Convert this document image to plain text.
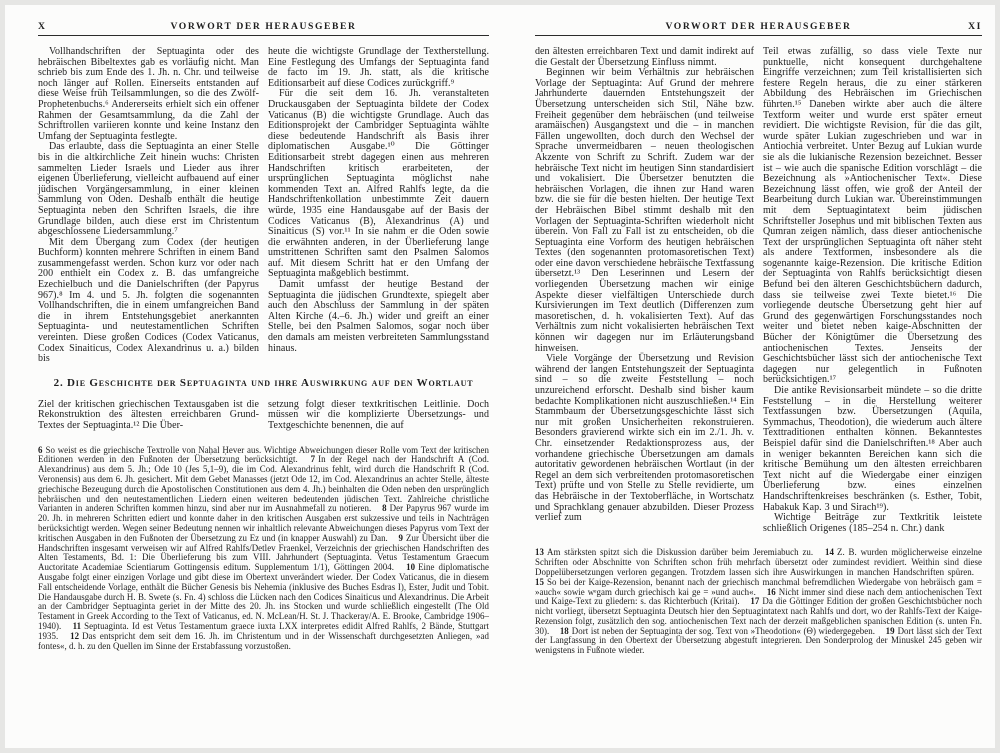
X	VORWORT DER HERAUSGEBER

Vollhandschriften der Septuaginta oder des hebräischen Bibeltextes gab es vorläufig nicht. Man schrieb bis zum Ende des 1. Jh. n. Chr. und teilweise noch länger auf Rollen. Einerseits entstanden auf diese Weise früh Teilsammlungen, so die des Zwölf-Prophetenbuchs.⁶ Andererseits erhielt sich ein offener Rahmen der Gesamtsammlung, da die Zahl der Schriftrollen variieren konnte und keine Instanz den Umfang der Septuaginta festlegte.

Das erlaubte, dass die Septuaginta an einer Stelle bis in die altkirchliche Zeit hinein wuchs: Christen sammelten Lieder Israels und Lieder aus ihrer eigenen Überlieferung, vielleicht aufbauend auf einer jüdischen Vorgängersammlung, in einer kleinen Sammlung von Oden. Deshalb enthält die heutige Septuaginta neben den Schriften Israels, die ihre Grundlage bilden, auch diese erst im Christentum abgeschlossene Liedersammlung.⁷

Mit dem Übergang zum Codex (der heutigen Buchform) konnten mehrere Schriften in einem Band zusammengefasst werden. Schon kurz vor oder nach 200 enthielt ein Codex z. B. das umfangreiche Ezechielbuch und die Danielschriften (der Papyrus 967).⁸ Im 4. und 5. Jh. folgten die sogenannten Vollhandschriften, die in einem umfangreichen Band die in ihrem Entstehungsgebiet anerkannten Septuaginta- und neutestamentlichen Schriften vereinten. Diese großen Codices (Codex Vaticanus, Codex Sinaiticus, Codex Alexandrinus u. a.) bilden bis

heute die wichtigste Grundlage der Textherstellung. Eine Festlegung des Umfangs der Septuaginta fand de facto im 19. Jh. statt, als die kritische Editionsarbeit auf diese Codices zurückgriff.⁹

Für die seit dem 16. Jh. veranstalteten Druckausgaben der Septuaginta bildete der Codex Vaticanus (B) die wichtigste Grundlage. Auch das Editionsprojekt der Cambridger Septuaginta wählte diese bedeutende Handschrift als Basis ihrer diplomatischen Ausgabe.¹⁰ Die Göttinger Editionsarbeit strebt dagegen einen aus mehreren Handschriften kritisch erarbeiteten, der ursprünglichen Septuaginta möglichst nahe kommenden Text an. Alfred Rahlfs legte, da die Handschriftenkollation unbestimmte Zeit dauern würde, 1935 eine Handausgabe auf der Basis der Codices Vaticanus (B), Alexandrinus (A) und Sinaiticus (S) vor.¹¹ In sie nahm er die Oden sowie die erwähnten anderen, in der Überlieferung lange umstrittenen Schriften samt den Psalmen Salomos auf. Mit diesem Schritt hat er den Umfang der Septuaginta maßgeblich bestimmt.

Damit umfasst der heutige Bestand der Septuaginta die jüdischen Grundtexte, spiegelt aber auch den Abschluss der Sammlung in der späten Alten Kirche (4.–6. Jh.) wider und greift an einer Stelle, bei den Psalmen Salomos, sogar noch über den damals am meisten verbreiteten Sammlungsstand hinaus.

2. Die Geschichte der Septuaginta und ihre Auswirkung auf den Wortlaut

Ziel der kritischen griechischen Textausgaben ist die Rekonstruktion des ältesten erreichbaren Grund-Textes der Septuaginta.¹² Die Über-

setzung folgt dieser textkritischen Leitlinie. Doch müssen wir die komplizierte Übersetzungs- und Textgeschichte benennen, die auf

6 So weist es die griechische Textrolle von Naḥal Ḥever aus. Wichtige Abweichungen dieser Rolle vom Text der kritischen Editionen werden in den Fußnoten der Übersetzung berücksichtigt. 7 In der Regel nach der Handschrift A (Cod. Alexandrinus) aus dem 5. Jh.; Ode 10 (Jes 5,1–9), die im Cod. Alexandrinus fehlt, wird durch die Handschrift R (Cod. Veronensis) aus dem 6. Jh. gesichert. Mit dem Gebet Manasses (jetzt Ode 12, im Cod. Alexandrinus an achter Stelle, älteste griechische Bezeugung durch die Apostolischen Constitutionen aus dem 4. Jh.) beinhalten die Oden neben den ursprünglich hebräischen und den neutestamentlichen Liedern einen weiteren bedeutenden jüdischen Text. Zahlreiche christliche Varianten in anderen Schriften kommen hinzu, sind aber nur im Ausnahmefall zu notieren. 8 Der Papyrus 967 wurde im 20. Jh. in mehreren Schritten ediert und konnte daher in den kritischen Ausgaben erst sukzessive und teils in Nachträgen berücksichtigt werden. Wegen seiner Bedeutung nennen wir inhaltlich relevante Abweichungen dieses Papyrus vom Text der kritischen Ausgaben in den Fußnoten der Übersetzung zu Ez und (in knapper Auswahl) zu Dan. 9 Zur Übersicht über die Handschriften insgesamt verweisen wir auf Alfred Rahlfs/Detlev Fraenkel, Verzeichnis der griechischen Handschriften des Alten Testaments, Bd. 1: Die Überlieferung bis zum VIII. Jahrhundert (Septuaginta. Vetus Testamentum Graecum Auctoritate Academiae Scientiarum Gottingensis editum. Supplementum 1/1), Göttingen 2004. 10 Eine diplomatische Ausgabe folgt einer einzigen Vorlage und gibt diese im Obertext unverändert wieder. Der Codex Vaticanus, die in diesem Fall entscheidende Vorlage, enthält die Bücher Genesis bis Nehemia (inklusive des Buches Esdras I), Ester, Judit und Tobit. Die Handausgabe durch H. B. Swete (s. Fn. 4) schloss die Lücken nach den Codices Sinaiticus und Alexandrinus. Die Arbeit an der Cambridger Septuaginta geriet in der Mitte des 20. Jh. ins Stocken und wurde schließlich eingestellt (The Old Testament in Greek According to the Text of Vaticanus, ed. N. McLean/H. St. J. Thackeray/A. E. Brooke, Cambridge 1906–1940). 11 Septuaginta. Id est Vetus Testamentum graece iuxta LXX interpretes edidit Alfred Rahlfs, 2 Bände, Stuttgart 1935. 12 Das entspricht dem seit dem 16. Jh. im Christentum und in der Wissenschaft durchgesetzten Anliegen, »ad fontes«, d. h. zu den Quellen im Sinne der Erstabfassung vorzustoßen.
VORWORT DER HERAUSGEBER	XI

den ältesten erreichbaren Text und damit indirekt auf die Gestalt der Übersetzung Einfluss nimmt.

Beginnen wir beim Verhältnis zur hebräischen Vorlage der Septuaginta: Auf Grund der mehrere Jahrhunderte dauernden Entstehungszeit der Übersetzung unterscheiden sich Stil, Nähe bzw. Freiheit gegenüber dem hebräischen (und teilweise aramäischen) Ausgangstext und die – in manchen Fällen ungewollten, doch durch den Wechsel der Sprache unvermeidbaren – neuen theologischen Akzente von Schrift zu Schrift. Zudem war der hebräische Text nicht im heutigen Sinn standardisiert und vokalisiert. Die Übersetzer benutzten die hebräischen Vorlagen, die ihnen zur Hand waren bzw. die sie für die besten hielten. Der heutige Text der Hebräischen Bibel stimmt deshalb mit den Vorlagen der Septuaginta-Schriften wiederholt nicht überein. Von Fall zu Fall ist zu entscheiden, ob die Septuaginta eine Vorform des heutigen hebräischen Textes (den sogenannten protomasoretischen Text) oder eine davon verschiedene hebräische Textfassung übersetzt.¹³ Den Leserinnen und Lesern der vorliegenden Übersetzung machen wir einige Aspekte dieser vielfältigen Unterschiede durch Kursivierungen im Text deutlich (Differenzen zum masoretischen, d. h. vokalisierten Text). Auf das Verhältnis zum nicht vokalisierten hebräischen Text können wir dagegen nur im Erläuterungsband hinweisen.

Viele Vorgänge der Übersetzung und Revision während der langen Entstehungszeit der Septuaginta sind – so die zweite Feststellung – noch unzureichend erforscht. Deshalb sind bisher kaum bedachte Komplikationen nicht auszuschließen.¹⁴ Ein Stammbaum der Übersetzungsgeschichte lässt sich nur mit großen Unsicherheiten rekonstruieren. Besonders gravierend wirkte sich ein im 2./1. Jh. v. Chr. einsetzender Redaktionsprozess aus, der vorhandene griechische Übersetzungen am damals autoritativ gewordenen hebräischen Wortlaut (in der Regel an dem sich verbreitenden protomasoretischen Text) prüfte und von Stelle zu Stelle revidierte, um das Hebräische in der Textoberfläche, in Wortschatz und Sprachklang genauer abzubilden. Dieser Prozess verlief zum

Teil etwas zufällig, so dass viele Texte nur punktuelle, nicht konsequent durchgehaltene Eingriffe verzeichnen; zum Teil kristallisierten sich festere Regeln heraus, die zu einer stärkeren Abbildung des Hebräischen im Griechischen führten.¹⁵ Daneben wirkte aber auch die ältere Textform weiter und wurde erst später erneut revidiert. Die wichtigste Revision, für die das gilt, wurde später Lukian zugeschrieben und war in Antiochia verbreitet. Unter Bezug auf Lukian wurde sie als die lukianische Rezension bezeichnet. Besser ist – wie auch die spanische Edition vorschlägt – die Bezeichnung als »Antiochenischer Text«. Diese Bezeichnung lässt offen, wie groß der Anteil der Bearbeitung durch Lukian war. Übereinstimmungen mit dem Septuagintatext beim jüdischen Schriftsteller Josephus und mit biblischen Texten aus Qumran zeigen nämlich, dass dieser antiochenische Text der ursprünglichen Septuaginta oft näher steht als andere Textformen, insbesondere als die sogenannte kaige-Rezension. Die kritische Edition der Septuaginta von Rahlfs berücksichtigt diesen Befund bei den älteren Geschichtsbüchern dadurch, dass sie teilweise zwei Texte bietet.¹⁶ Die vorliegende deutsche Übersetzung geht hier auf Grund des gegenwärtigen Forschungsstandes noch weiter und bietet neben kaige-Abschnitten der Bücher der Königtümer die Übersetzung des antiochenischen Textes. Jenseits der Geschichtsbücher lässt sich der antiochenische Text dagegen nur gelegentlich in Fußnoten berücksichtigen.¹⁷

Die antike Revisionsarbeit mündete – so die dritte Feststellung – in die Herstellung weiterer Textfassungen bzw. Übersetzungen (Aquila, Symmachus, Theodotion), die wiederum auch ältere Texttraditionen enthalten können. Bekanntestes Beispiel dafür sind die Danielschriften.¹⁸ Aber auch in weniger bekannten Bereichen kann sich die kritische Bemühung um den ältesten erreichbaren Text nicht auf die Wiedergabe einer einzigen Überlieferung bzw. eines einzelnen Handschriftenkreises beschränken (s. Esther, Tobit, Habakuk Kap. 3 und Sirach¹⁹).

Wichtige Beiträge zur Textkritik leistete schließlich Origenes (185–254 n. Chr.) dank

13 Am stärksten spitzt sich die Diskussion darüber beim Jeremiabuch zu. 14 Z. B. wurden möglicherweise einzelne Schriften oder Abschnitte von Schriften schon früh mehrfach übersetzt oder zumindest revidiert. Weithin sind diese Doppelübersetzungen verloren gegangen. Trotzdem lassen sich ihre Auswirkungen in manchen Handschriften spüren. 15 So bei der Kaige-Rezension, benannt nach der griechisch manchmal befremdlichen Wiedergabe von hebräisch gam = »auch« sowie wᵉgam durch griechisch kai ge = »und auch«. 16 Nicht immer sind diese nach dem antiochenischen Text und Kaige-Text zu gliedern: s. das Richterbuch (Kritai). 17 Da die Göttinger Edition der großen Geschichtsbücher noch nicht vorliegt, übersetzt Septuaginta Deutsch hier den Septuagintatext nach Rahlfs und dort, wo der Rahlfs-Text der Kaige-Rezension folgt, zusätzlich den sog. antiochenischen Text nach der derzeit maßgeblichen spanischen Edition (s. unten Fn. 30). 18 Dort ist neben der Septuaginta der sog. Text von »Theodotion« (Θ) wiedergegeben. 19 Dort lässt sich der Text der Langfassung in den Obertext der Übersetzung abgestuft integrieren. Den Sonderprolog der Minuskel 245 geben wir wenigstens in Fußnote wieder.
